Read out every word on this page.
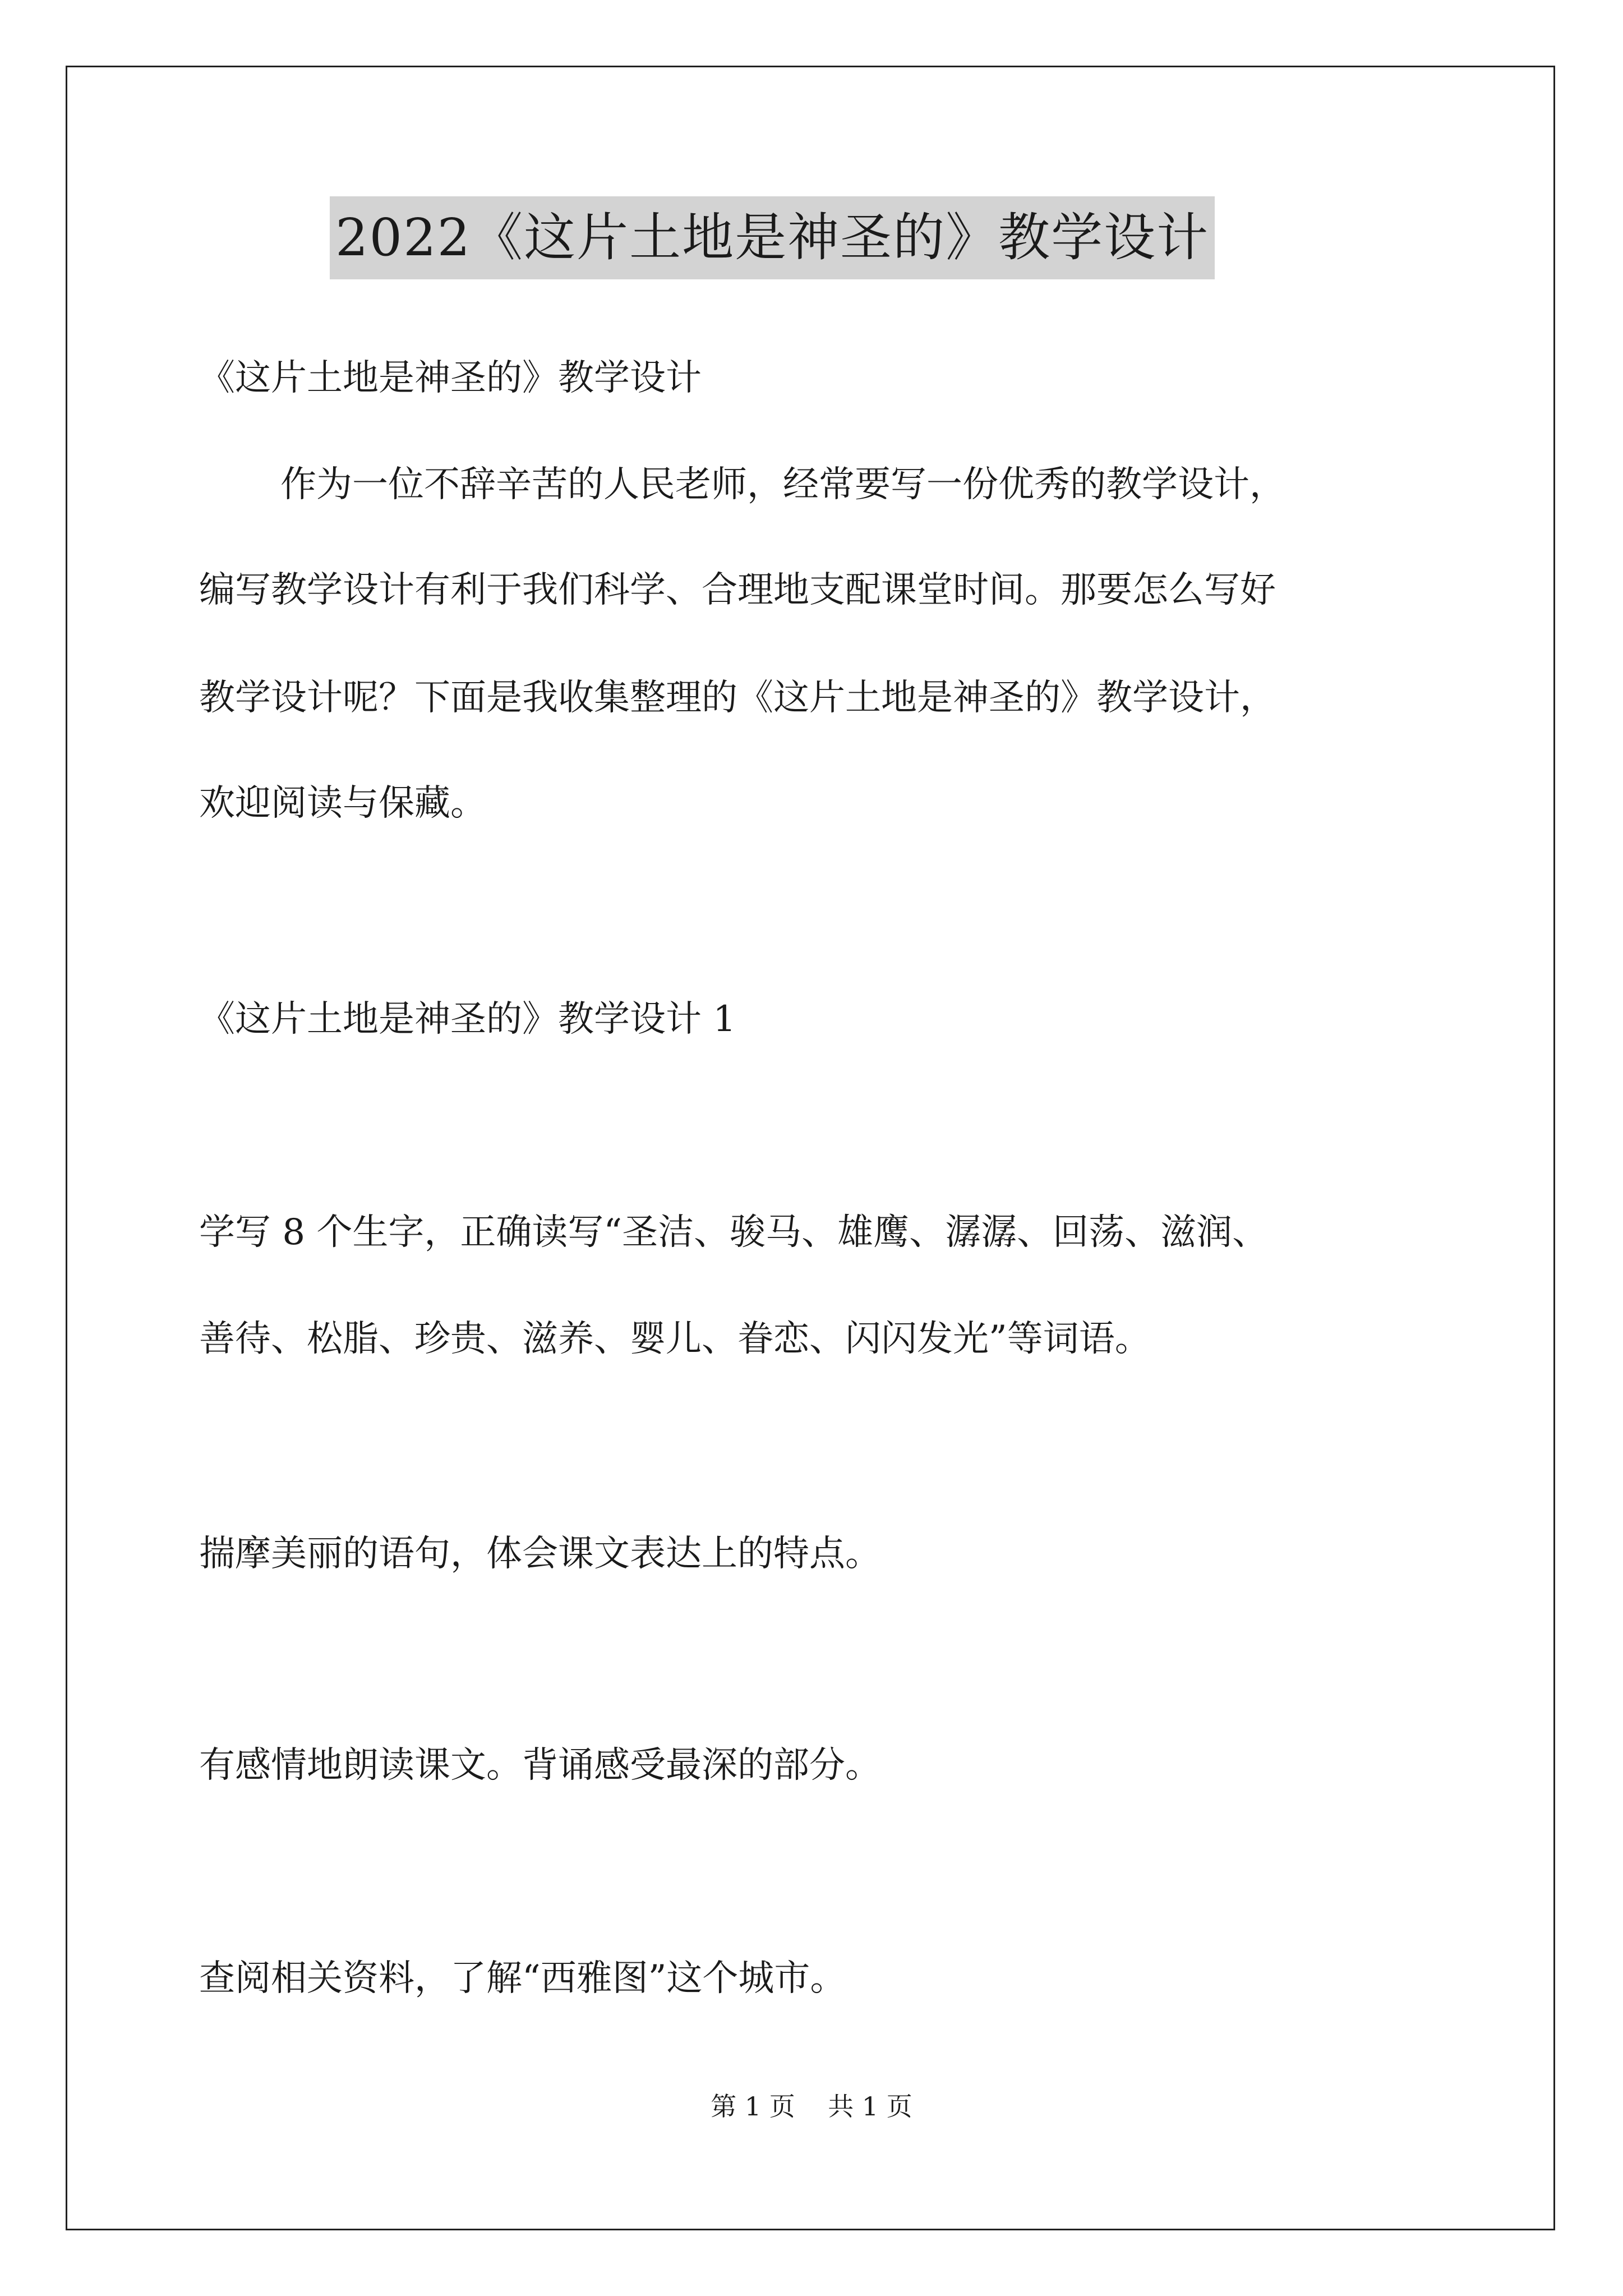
2022《这片土地是神圣的》教学设计
《这片土地是神圣的》教学设计
作为一位不辞辛苦的人民老师，经常要写一份优秀的教学设计，
编写教学设计有利于我们科学、合理地支配课堂时间。那要怎么写好
教学设计呢？下面是我收集整理的《这片土地是神圣的》教学设计，
欢迎阅读与保藏。
《这片土地是神圣的》教学设计 1
学写 8 个生字，正确读写“圣洁、骏马、雄鹰、潺潺、回荡、滋润、
善待、松脂、珍贵、滋养、婴儿、眷恋、闪闪发光”等词语。
揣摩美丽的语句，体会课文表达上的特点。
有感情地朗读课文。背诵感受最深的部分。
查阅相关资料，了解“西雅图”这个城市。
第 1 页    共 1 页
